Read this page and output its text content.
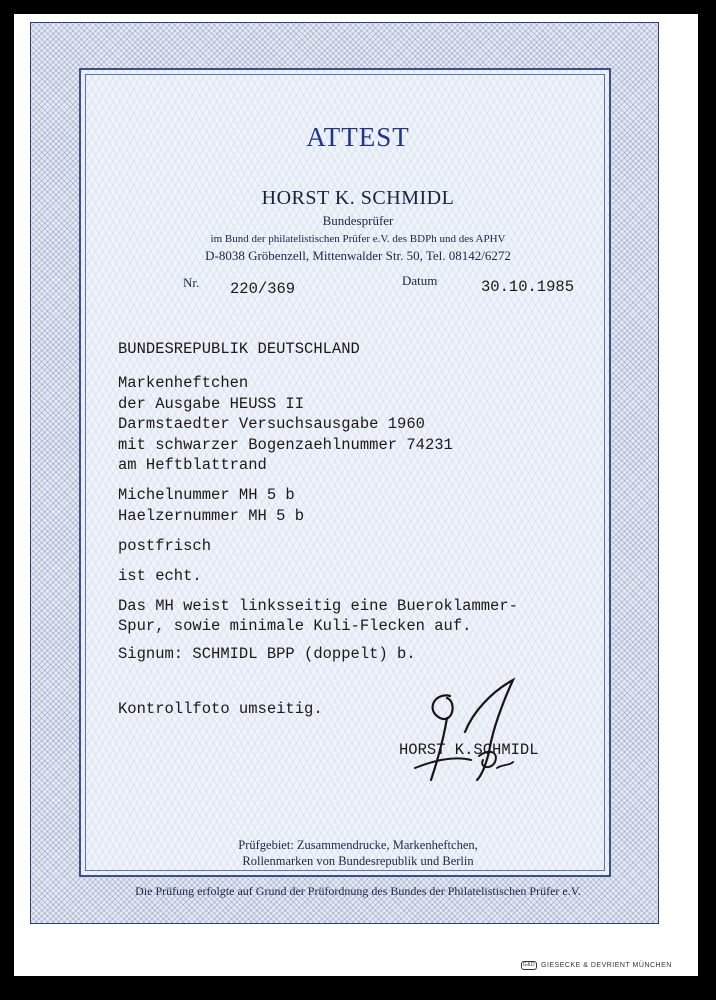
ATTEST

HORST K. SCHMIDL

Bundesprüfer

im Bund der philatelistischen Prüfer e.V. des BDPh und des APHV

D-8038 Gröbenzell, Mittenwalder Str. 50, Tel. 08142/6272

Nr. 220/369	Datum	30.10.1985

BUNDESREPUBLIK DEUTSCHLAND

Markenheftchen

der Ausgabe HEUSS II

Darmstaedter Versuchsausgabe 1960

mit schwarzer Bogenzaehlnummer 74231

am Heftblattrand

Michelnummer MH 5 b

Haelzernummer MH 5 b

postfrisch

ist echt.

Das MH weist linksseitig eine Bueroklammer-

Spur, sowie minimale Kuli-Flecken auf.

Signum: SCHMIDL BPP (doppelt) b.

Kontrollfoto umseitig.

HORST K.SCHMIDL

Prüfgebiet: Zusammendrucke, Markenheftchen,

Rollenmarken von Bundesrepublik und Berlin

Die Prüfung erfolgte auf Grund der Prüfordnung des Bundes der Philatelistischen Prüfer e.V.

G&D GIESECKE & DEVRIENT MÜNCHEN
